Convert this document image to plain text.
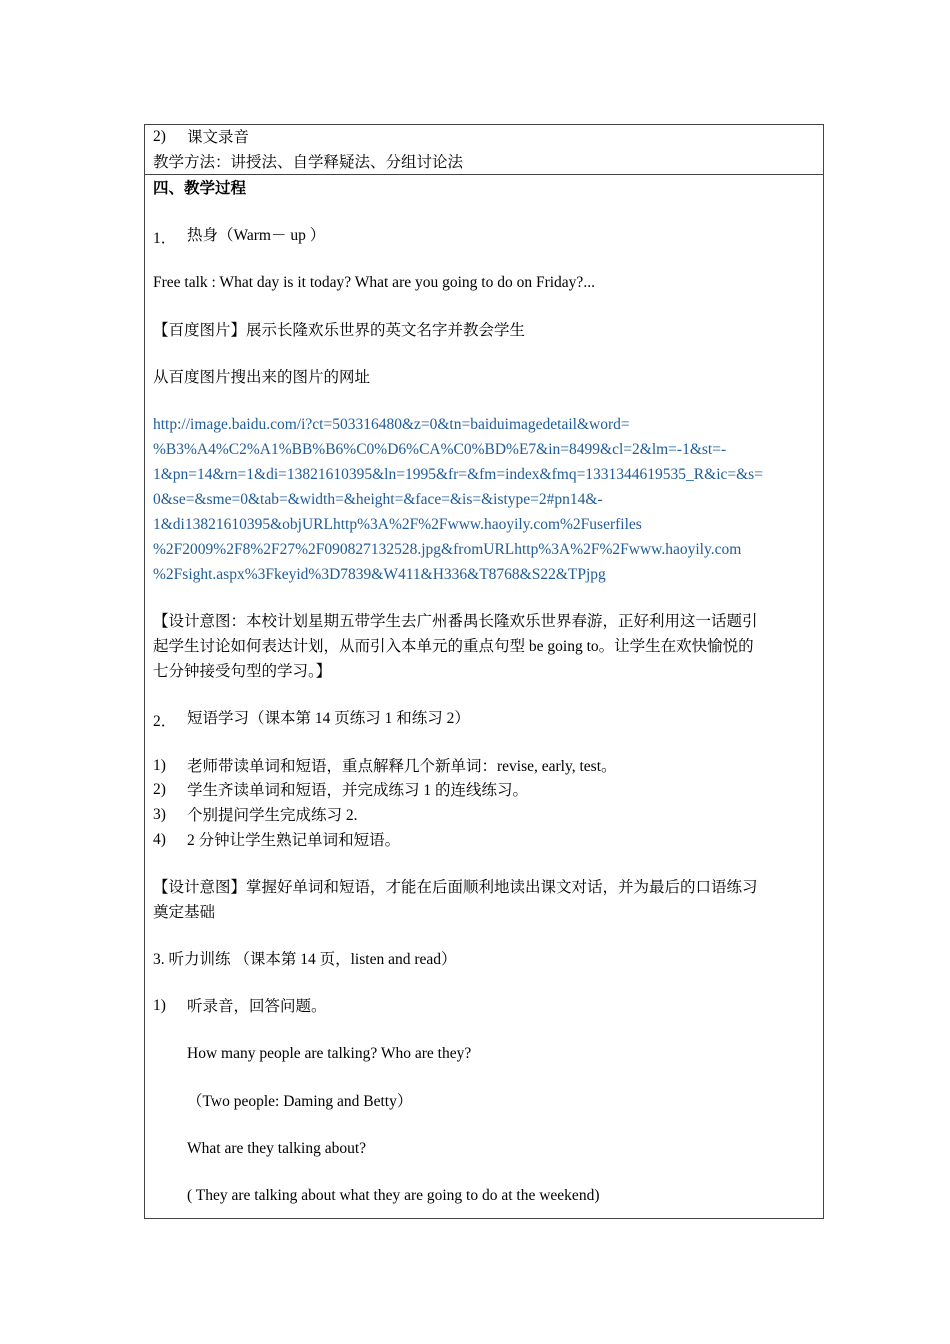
2) 课文录音
教学方法：讲授法、自学释疑法、分组讨论法
四、教学过程
1． 热身（Warm－ up ）
Free talk : What day is it today? What are you going to do on Friday?...
【百度图片】展示长隆欢乐世界的英文名字并教会学生
从百度图片搜出来的图片的网址
http://image.baidu.com/i?ct=503316480&z=0&tn=baiduimagedetail&word=
%B3%A4%C2%A1%BB%B6%C0%D6%CA%C0%BD%E7&in=8499&cl=2&lm=-1&st=-
1&pn=14&rn=1&di=13821610395&ln=1995&fr=&fm=index&fmq=1331344619535_R&ic=&s=
0&se=&sme=0&tab=&width=&height=&face=&is=&istype=2#pn14&-
1&di13821610395&objURLhttp%3A%2F%2Fwww.haoyily.com%2Fuserfiles
%2F2009%2F8%2F27%2F090827132528.jpg&fromURLhttp%3A%2F%2Fwww.haoyily.com
%2Fsight.aspx%3Fkeyid%3D7839&W411&H336&T8768&S22&TPjpg
【设计意图：本校计划星期五带学生去广州番禺长隆欢乐世界春游，正好利用这一话题引
起学生讨论如何表达计划，从而引入本单元的重点句型 be going to。让学生在欢快愉悦的
七分钟接受句型的学习。】
2． 短语学习（课本第 14 页练习 1 和练习 2）
1) 老师带读单词和短语，重点解释几个新单词：revise, early, test。
2) 学生齐读单词和短语，并完成练习 1 的连线练习。
3) 个别提问学生完成练习 2.
4) 2 分钟让学生熟记单词和短语。
【设计意图】掌握好单词和短语，才能在后面顺利地读出课文对话，并为最后的口语练习
奠定基础
3. 听力训练 （课本第 14 页，listen and read）
1) 听录音，回答问题。
How many people are talking? Who are they?
（Two people: Daming and Betty）
What are they talking about?
( They are talking about what they are going to do at the weekend)
